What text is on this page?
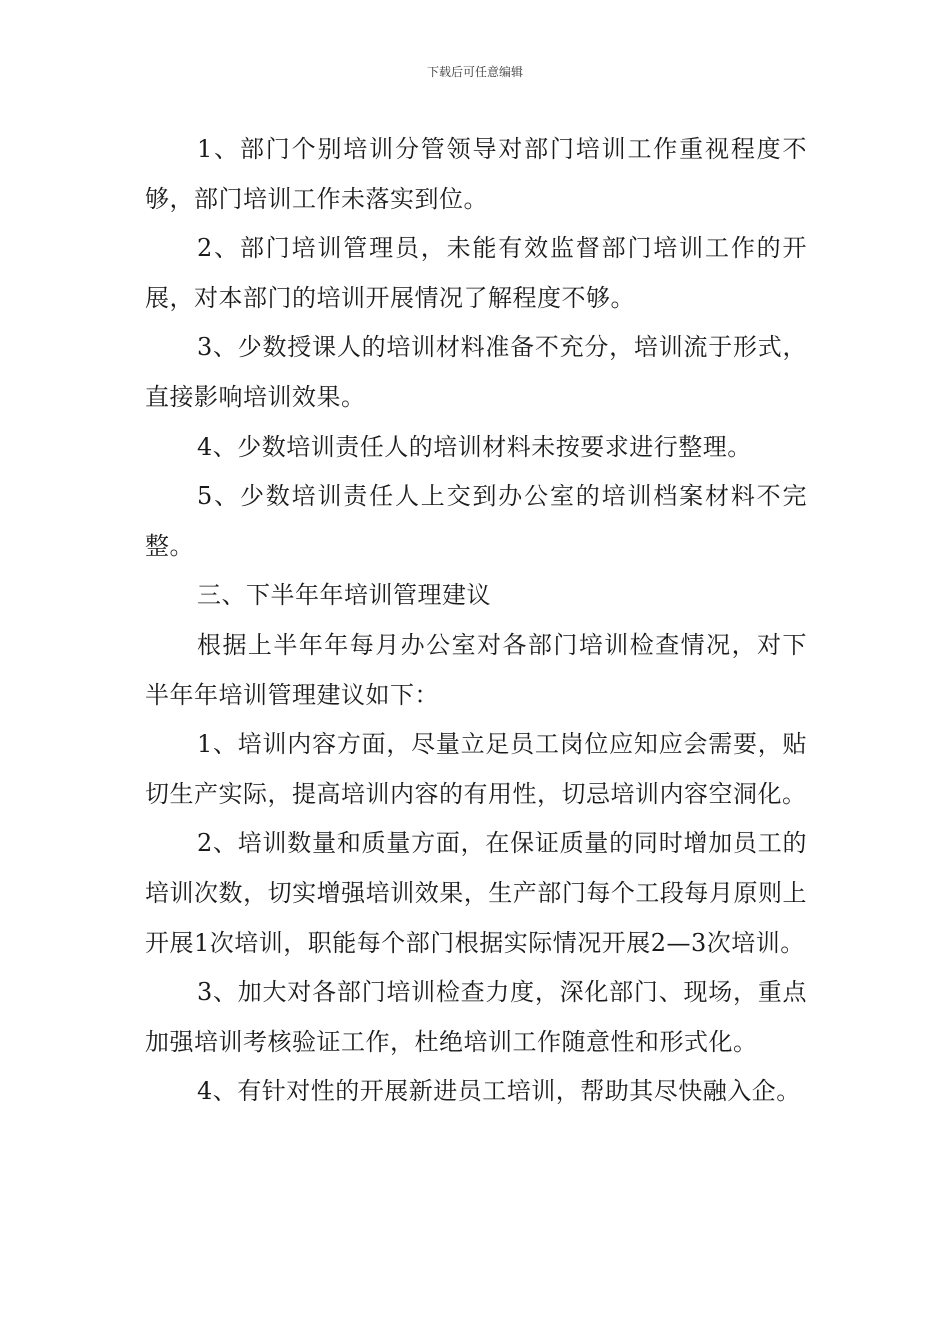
下载后可任意编辑

1、部门个别培训分管领导对部门培训工作重视程度不够，部门培训工作未落实到位。

2、部门培训管理员，未能有效监督部门培训工作的开展，对本部门的培训开展情况了解程度不够。

3、少数授课人的培训材料准备不充分，培训流于形式，直接影响培训效果。

4、少数培训责任人的培训材料未按要求进行整理。

5、少数培训责任人上交到办公室的培训档案材料不完整。

三、下半年年培训管理建议

根据上半年年每月办公室对各部门培训检查情况，对下半年年培训管理建议如下：

1、培训内容方面，尽量立足员工岗位应知应会需要，贴切生产实际，提高培训内容的有用性，切忌培训内容空洞化。

2、培训数量和质量方面，在保证质量的同时增加员工的培训次数，切实增强培训效果，生产部门每个工段每月原则上开展1次培训，职能每个部门根据实际情况开展2—3次培训。

3、加大对各部门培训检查力度，深化部门、现场，重点加强培训考核验证工作，杜绝培训工作随意性和形式化。

4、有针对性的开展新进员工培训，帮助其尽快融入企。
